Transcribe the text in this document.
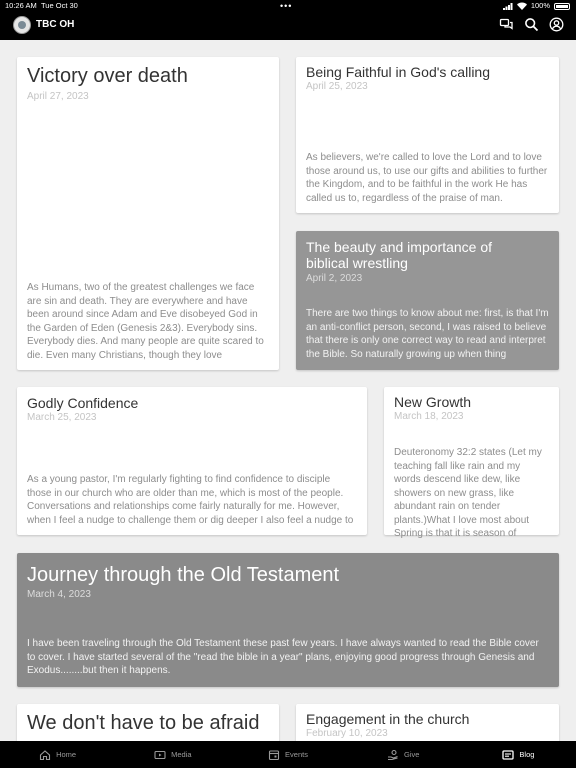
10:26 AM Tue Oct 30	•••	100%
TBC OH
Victory over death
April 27, 2023
As Humans, two of the greatest challenges we face are sin and death. They are everywhere and have been around since Adam and Eve disobeyed God in the Garden of Eden (Genesis 2&3). Everybody sins. Everybody dies. And many people are quite scared to die. Even many Christians, though they love
Being Faithful in God's calling
April 25, 2023
As believers, we're called to love the Lord and to love those around us, to use our gifts and abilities to further the Kingdom, and to be faithful in the work He has called us to, regardless of the praise of man.
The beauty and importance of biblical wrestling
April 2, 2023
There are two things to know about me: first, is that I'm an anti-conflict person, second, I was raised to believe that there is only one correct way to read and interpret the Bible. So naturally growing up when thing
Godly Confidence
March 25, 2023
As a young pastor, I'm regularly fighting to find confidence to disciple those in our church who are older than me, which is most of the people. Conversations and relationships come fairly naturally for me. However, when I feel a nudge to challenge them or dig deeper I also feel a nudge to
New Growth
March 18, 2023
Deuteronomy 32:2 states (Let my teaching fall like rain and my words descend like dew, like showers on new grass, like abundant rain on tender plants.)What I love most about Spring is that it is season of
Journey through the Old Testament
March 4, 2023
I have been traveling through the Old Testament these past few years. I have always wanted to read the Bible cover to cover. I have started several of the "read the bible in a year" plans, enjoying good progress through Genesis and Exodus........but then it happens.
We don't have to be afraid	Engagement in the church
February 10, 2023
Home	Media	Events	Give	Blog
